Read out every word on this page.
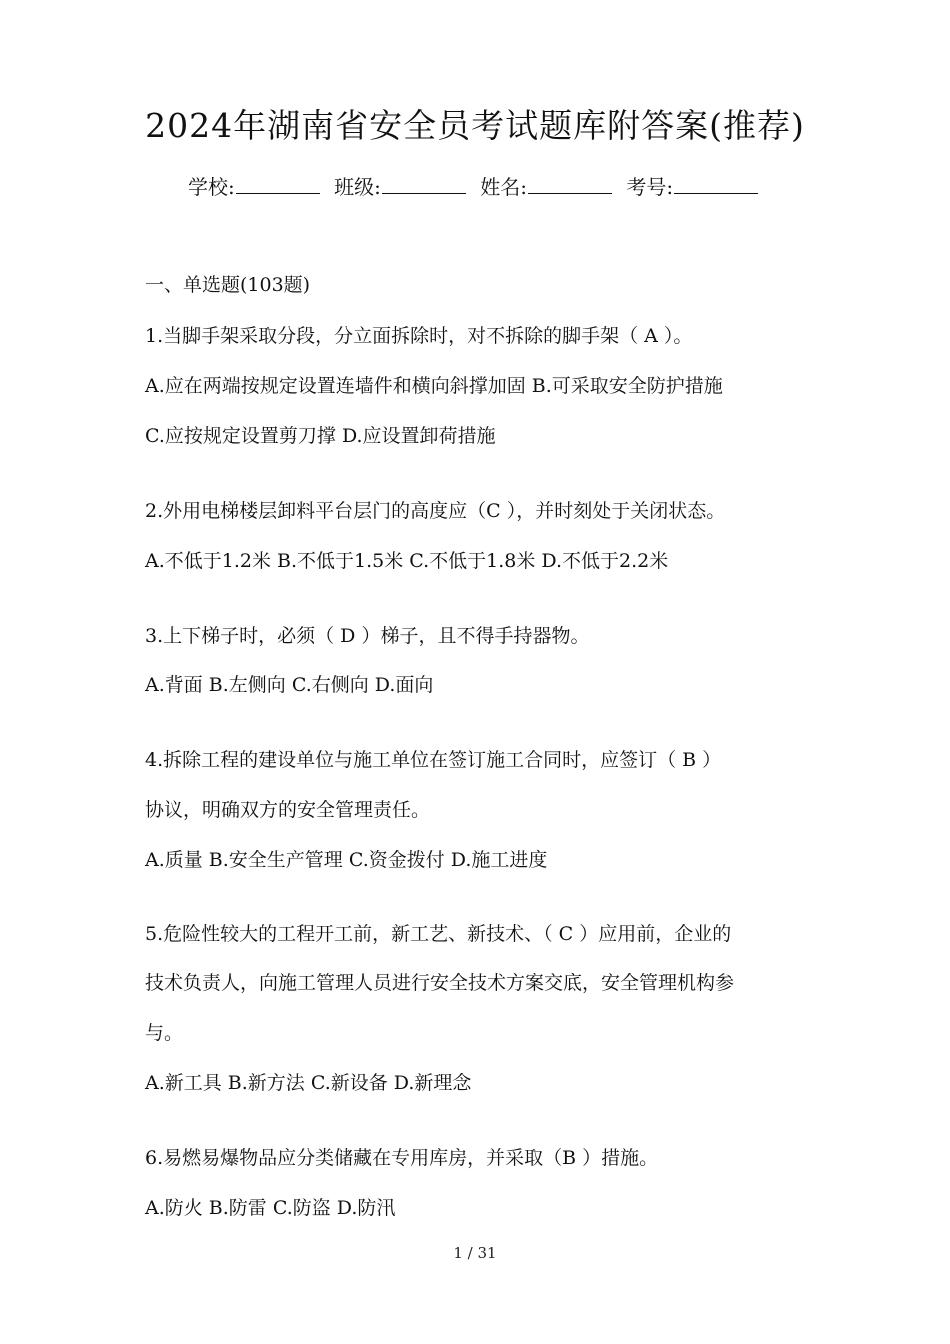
2024年湖南省安全员考试题库附答案(推荐)
学校:	班级:	姓名:	考号:
一、单选题(103题)
1.当脚手架采取分段，分立面拆除时，对不拆除的脚手架（ A ）。
A.应在两端按规定设置连墙件和横向斜撑加固 B.可采取安全防护措施
C.应按规定设置剪刀撑 D.应设置卸荷措施
2.外用电梯楼层卸料平台层门的高度应（C ），并时刻处于关闭状态。
A.不低于1.2米 B.不低于1.5米 C.不低于1.8米 D.不低于2.2米
3.上下梯子时，必须（ D ）梯子，且不得手持器物。
A.背面 B.左侧向 C.右侧向 D.面向
4.拆除工程的建设单位与施工单位在签订施工合同时，应签订（ B ）
协议，明确双方的安全管理责任。
A.质量 B.安全生产管理 C.资金拨付 D.施工进度
5.危险性较大的工程开工前，新工艺、新技术、（ C ）应用前，企业的
技术负责人，向施工管理人员进行安全技术方案交底，安全管理机构参
与。
A.新工具 B.新方法 C.新设备 D.新理念
6.易燃易爆物品应分类储藏在专用库房，并采取（B ）措施。
A.防火 B.防雷 C.防盗 D.防汛
1 / 31
